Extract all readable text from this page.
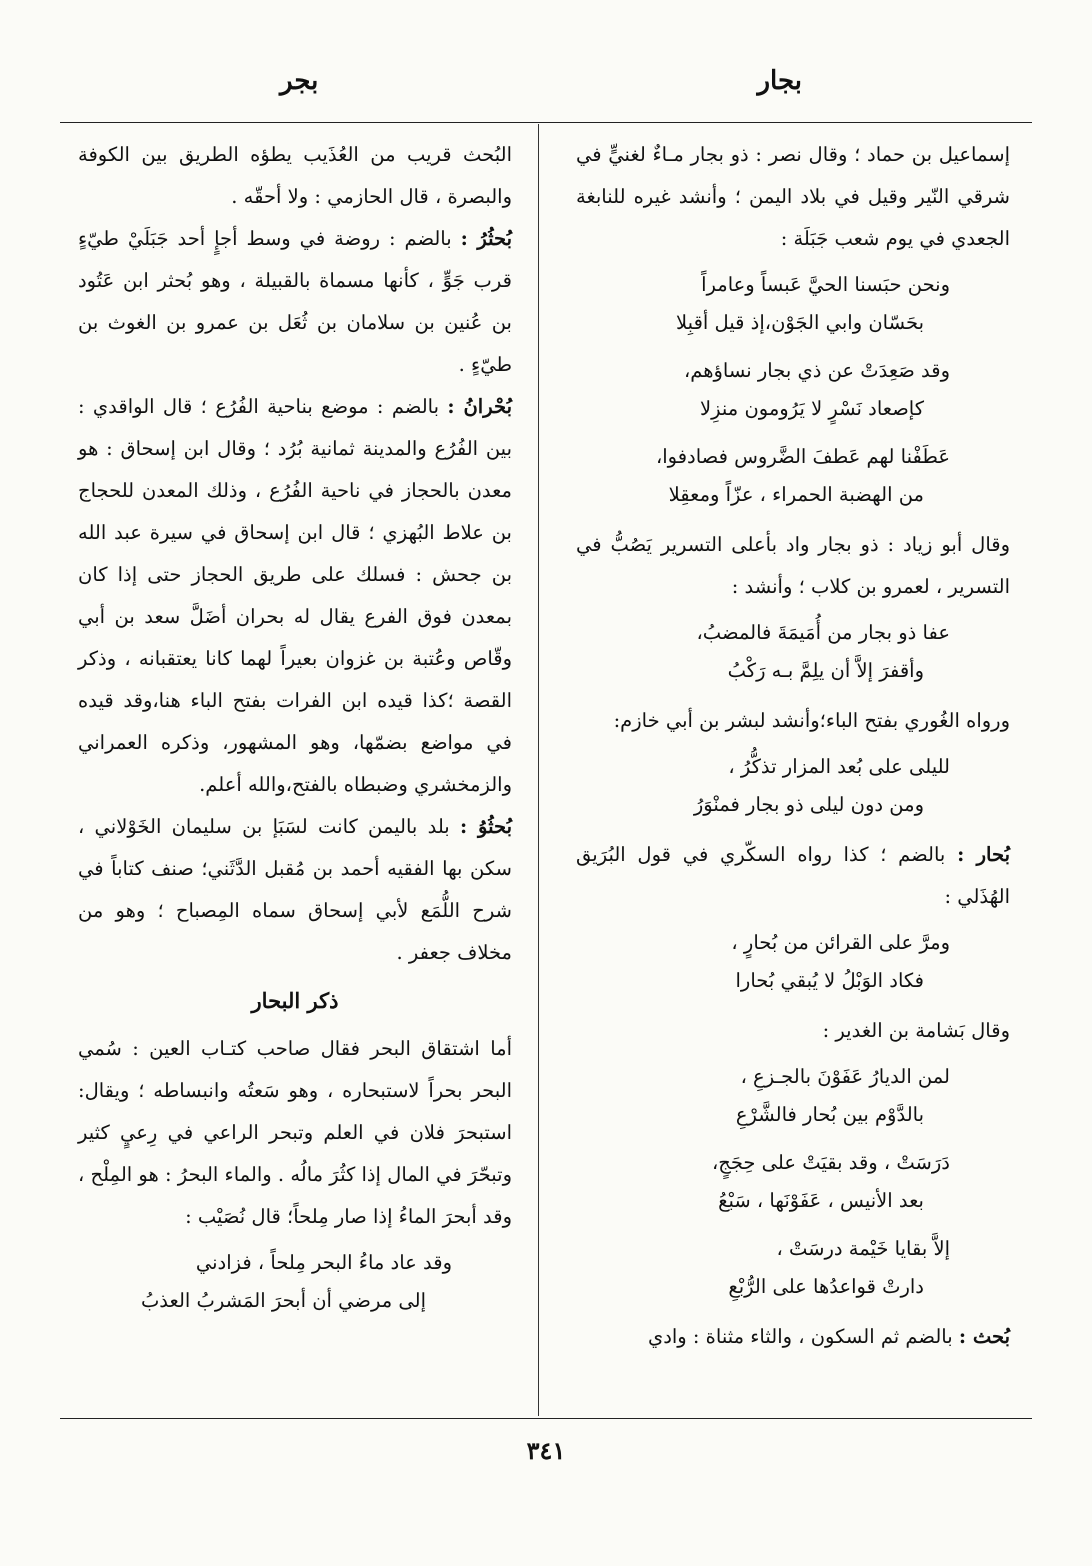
بجار
بجر

إسماعيل بن حماد ؛ وقال نصر : ذو بجار مـاءٌ لغنيٍّ في شرقي النّير وقيل في بلاد اليمن ؛ وأنشد غيره للنابغة الجعدي في يوم شعب جَبَلَة :

ونحن حبَسنا الحيَّ عَبساً وعامراً
بحَسّان وابي الجَوْن،إذ قيل أقبِلا
وقد صَعِدَتْ عن ذي بجار نساؤهم،
كإصعاد نَسْرٍ لا يَرُومون منزِلا
عَطَفْنا لهم عَطفَ الضَّروس فصادفوا،
من الهضبة الحمراء ، عزّاً ومعقِلا

وقال أبو زياد : ذو بجار واد بأعلى التسرير يَصُبُّ في التسرير ، لعمرو بن كلاب ؛ وأنشد :

عفا ذو بجار من أُمَيمَةَ فالمضبُ،
وأقفرَ إلاَّ أن يلِمَّ بـه رَكْبُ

ورواه الغُوري بفتح الباء؛وأنشد لبشر بن أبي خازم:

لليلى على بُعد المزار تذكُّرُ ،
ومن دون ليلى ذو بجار فمنْوَرُ

بُحار : بالضم ؛ كذا رواه السكّري في قول البُرَيق الهُذَلي :

ومرَّ على القرائن من بُحارٍ ،
فكاد الوَبْلُ لا يُبقي بُحارا

وقال بَشامة بن الغدير :

لمن الديارُ عَفَوْنَ بالجـزعِ ،
بالدَّوْم بين بُحار فالشَّرْعِ
دَرَسَتْ ، وقد بقيَتْ على حِجَجٍ،
بعد الأنيس ، عَفَوْنَها ، سَبْعُ
إلاَّ بقايا خَيْمة درسَتْ ،
دارتْ قواعدُها على الرُّبْعِ

بُحث : بالضم ثم السكون ، والثاء مثناة : وادي

البُحث قريب من العُذَيب يطؤه الطريق بين الكوفة والبصرة ، قال الحازمي : ولا أحقّه .

بُحثُرُ : بالضم : روضة في وسط أجإٍ أحد جَبَلَيْ طيّءٍ قرب جَوٍّ ، كأنها مسماة بالقبيلة ، وهو بُحثر ابن عَتُود بن عُنين بن سلامان بن ثُعَل بن عمرو بن الغوث بن طيّءٍ .

بُحْرانُ : بالضم : موضع بناحية الفُرُع ؛ قال الواقدي : بين الفُرُع والمدينة ثمانية بُرُد ؛ وقال ابن إسحاق : هو معدن بالحجاز في ناحية الفُرُع ، وذلك المعدن للحجاج بن علاط البُهزي ؛ قال ابن إسحاق في سيرة عبد الله بن جحش : فسلك على طريق الحجاز حتى إذا كان بمعدن فوق الفرع يقال له بحران أضَلَّ سعد بن أبي وقّاص وعُتبة بن غزوان بعيراً لهما كانا يعتقبانه ، وذكر القصة ؛كذا قيده ابن الفرات بفتح الباء هنا،وقد قيده في مواضع بضمّها، وهو المشهور، وذكره العمراني والزمخشري وضبطاه بالفتح،والله أعلم.

بُحثُوُ : بلد باليمن كانت لسَبَإ بن سليمان الخَوْلاني ، سكن بها الفقيه أحمد بن مُقبل الدَّثَني؛ صنف كتاباً في شرح اللُّمَع لأبي إسحاق سماه المِصباح ؛ وهو من مخلاف جعفر .

ذكر البحار

أما اشتقاق البحر فقال صاحب كتـاب العين : سُمي البحر بحراً لاستبحاره ، وهو سَعتُه وانبساطه ؛ ويقال: استبحرَ فلان في العلم وتبحر الراعي في رِعيٍ كثير وتبحّرَ في المال إذا كثُرَ مالُه . والماء البحرُ : هو المِلْح ، وقد أبحرَ الماءُ إذا صار مِلحاً؛ قال نُصَيْب :

وقد عاد ماءُ البحر مِلحاً ، فزادني
إلى مرضي أن أبحرَ المَشربُ العذبُ
٣٤١
